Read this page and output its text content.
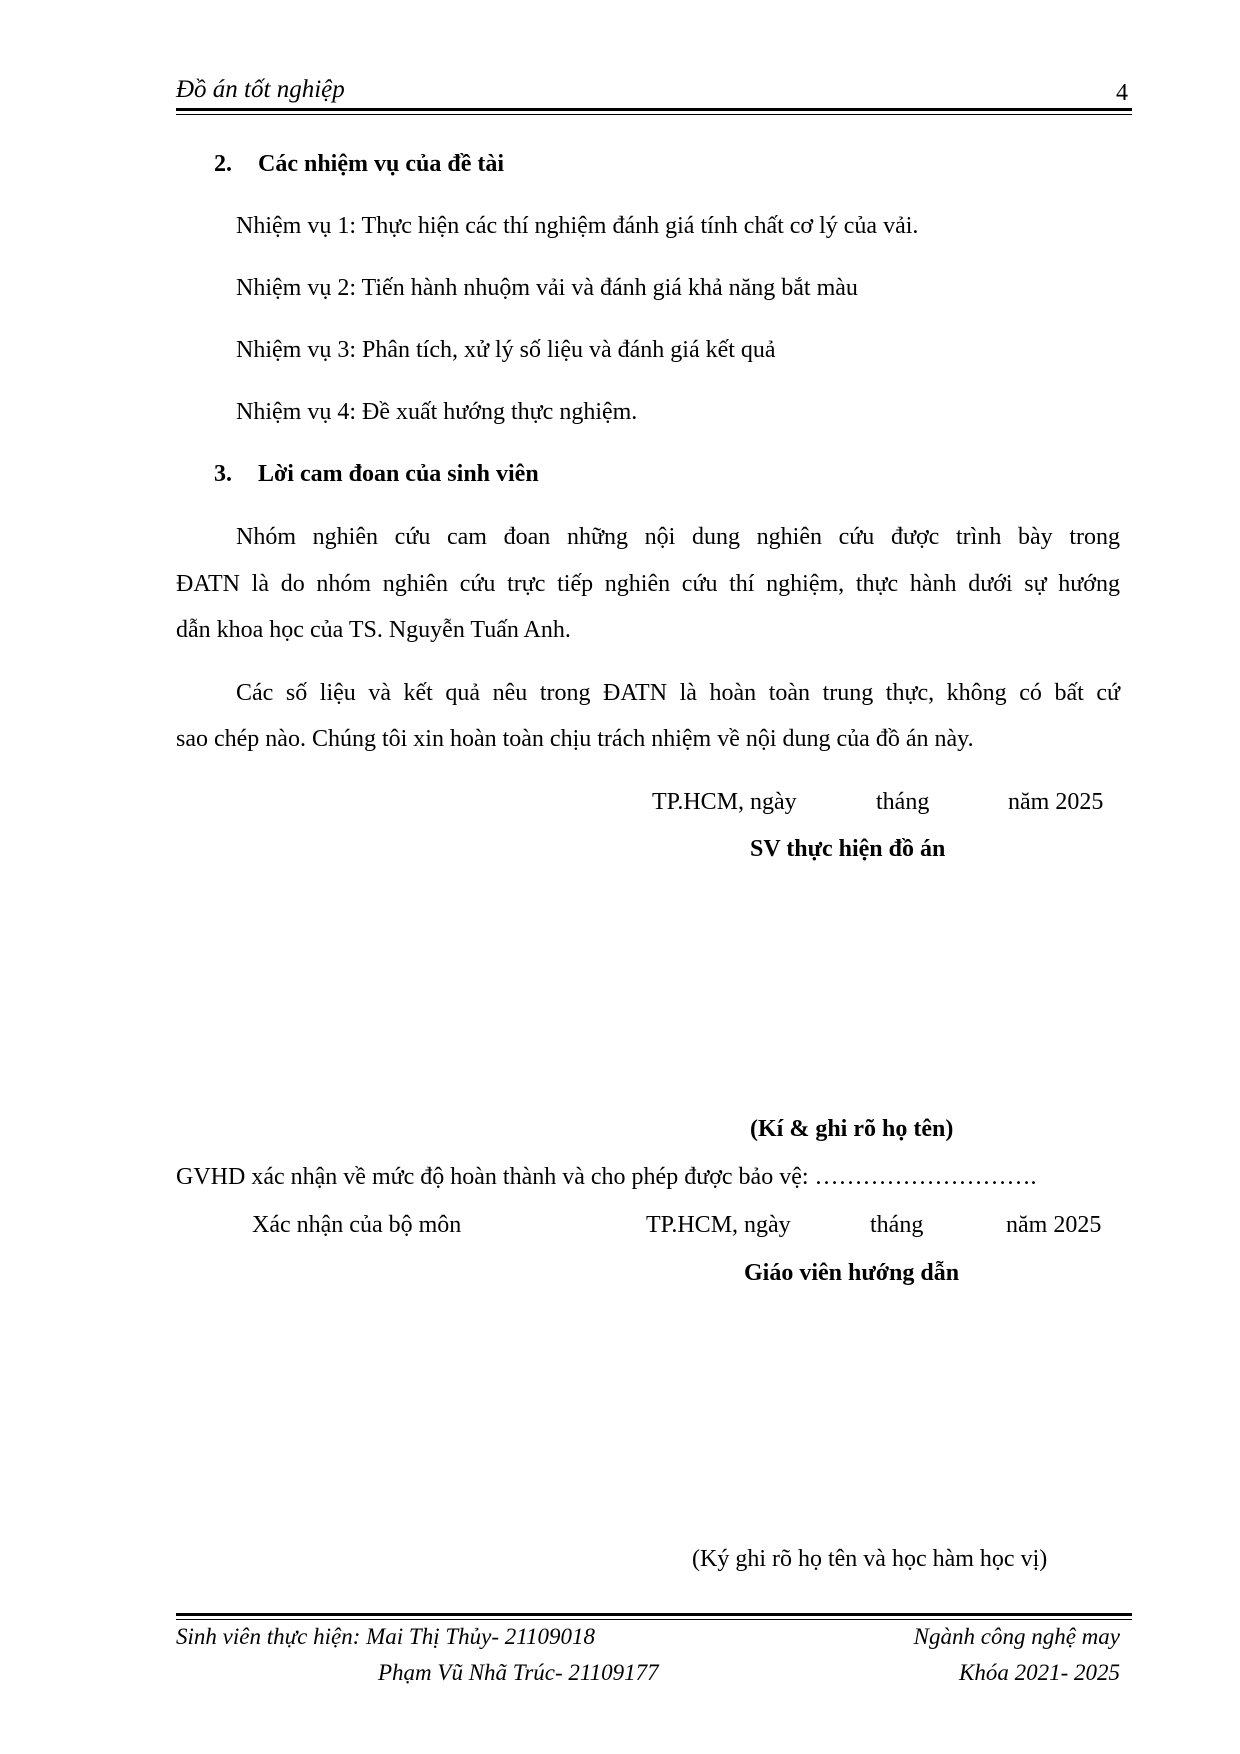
Đồ án tốt nghiệp	4
2. Các nhiệm vụ của đề tài
Nhiệm vụ 1: Thực hiện các thí nghiệm đánh giá tính chất cơ lý của vải.
Nhiệm vụ 2: Tiến hành nhuộm vải và đánh giá khả năng bắt màu
Nhiệm vụ 3: Phân tích, xử lý số liệu và đánh giá kết quả
Nhiệm vụ 4: Đề xuất hướng thực nghiệm.
3. Lời cam đoan của sinh viên
Nhóm nghiên cứu cam đoan những nội dung nghiên cứu được trình bày trong
ĐATN là do nhóm nghiên cứu trực tiếp nghiên cứu thí nghiệm, thực hành dưới sự hướng
dẫn khoa học của TS. Nguyễn Tuấn Anh.
Các số liệu và kết quả nêu trong ĐATN là hoàn toàn trung thực, không có bất cứ
sao chép nào. Chúng tôi xin hoàn toàn chịu trách nhiệm về nội dung của đồ án này.
TP.HCM, ngày	tháng	năm 2025
SV thực hiện đồ án
(Kí & ghi rõ họ tên)
GVHD xác nhận về mức độ hoàn thành và cho phép được bảo vệ: ……………………….
Xác nhận của bộ môn	TP.HCM, ngày	tháng	năm 2025
Giáo viên hướng dẫn
(Ký ghi rõ họ tên và học hàm học vị)
Sinh viên thực hiện: Mai Thị Thủy- 21109018
Phạm Vũ Nhã Trúc- 21109177
Ngành công nghệ may
Khóa 2021- 2025
